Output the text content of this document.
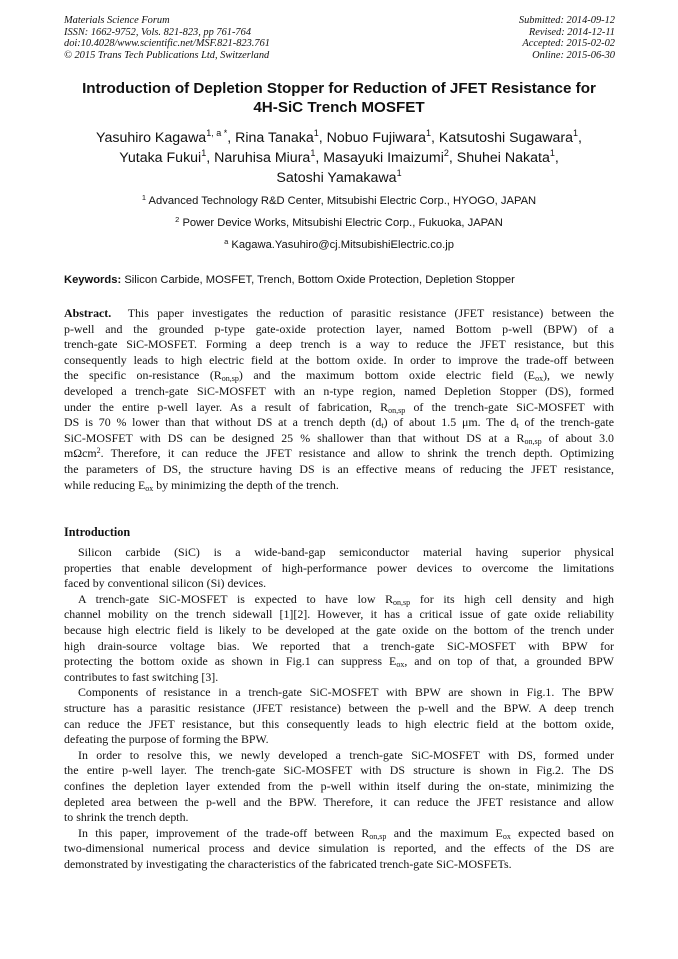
Materials Science Forum
ISSN: 1662-9752, Vols. 821-823, pp 761-764
doi:10.4028/www.scientific.net/MSF.821-823.761
© 2015 Trans Tech Publications Ltd, Switzerland
Submitted: 2014-09-12
Revised: 2014-12-11
Accepted: 2015-02-02
Online: 2015-06-30
Introduction of Depletion Stopper for Reduction of JFET Resistance for
4H-SiC Trench MOSFET
Yasuhiro Kagawa$^{1, a *}$, Rina Tanaka$^1$, Nobuo Fujiwara$^1$, Katsutoshi Sugawara$^1$,
Yutaka Fukui$^1$, Naruhisa Miura$^1$, Masayuki Imaizumi$^2$, Shuhei Nakata$^1$,
Satoshi Yamakawa$^1$
$^1$ Advanced Technology R&D Center, Mitsubishi Electric Corp., HYOGO, JAPAN
$^2$ Power Device Works, Mitsubishi Electric Corp., Fukuoka, JAPAN
$^a$ Kagawa.Yasuhiro@cj.MitsubishiElectric.co.jp
Keywords: Silicon Carbide, MOSFET, Trench, Bottom Oxide Protection, Depletion Stopper
Abstract. This paper investigates the reduction of parasitic resistance (JFET resistance) between the
p-well and the grounded p-type gate-oxide protection layer, named Bottom p-well (BPW) of a
trench-gate SiC-MOSFET. Forming a deep trench is a way to reduce the JFET resistance, but this
consequently leads to high electric field at the bottom oxide. In order to improve the trade-off between
the specific on-resistance $(R_{on,sp})$ and the maximum bottom oxide electric field $(E_{ox})$, we newly
developed a trench-gate SiC-MOSFET with an n-type region, named Depletion Stopper (DS), formed
under the entire p-well layer. As a result of fabrication, $R_{on,sp}$ of the trench-gate SiC-MOSFET with
DS is 70 % lower than that without DS at a trench depth $(d_t)$ of about 1.5 μm. The $d_t$ of the trench-gate
SiC-MOSFET with DS can be designed 25 % shallower than that without DS at a $R_{on,sp}$ of about 3.0
mΩcm$^2$. Therefore, it can reduce the JFET resistance and allow to shrink the trench depth. Optimizing
the parameters of DS, the structure having DS is an effective means of reducing the JFET resistance,
while reducing $E_{ox}$ by minimizing the depth of the trench.
Introduction
Silicon carbide (SiC) is a wide-band-gap semiconductor material having superior physical
properties that enable development of high-performance power devices to overcome the limitations
faced by conventional silicon (Si) devices.
A trench-gate SiC-MOSFET is expected to have low $R_{on,sp}$ for its high cell density and high
channel mobility on the trench sidewall [1][2]. However, it has a critical issue of gate oxide reliability
because high electric field is likely to be developed at the gate oxide on the bottom of the trench under
high drain-source voltage bias. We reported that a trench-gate SiC-MOSFET with BPW for
protecting the bottom oxide as shown in Fig.1 can suppress $E_{ox}$, and on top of that, a grounded BPW
contributes to fast switching [3].
Components of resistance in a trench-gate SiC-MOSFET with BPW are shown in Fig.1. The BPW
structure has a parasitic resistance (JFET resistance) between the p-well and the BPW. A deep trench
can reduce the JFET resistance, but this consequently leads to high electric field at the bottom oxide,
defeating the purpose of forming the BPW.
In order to resolve this, we newly developed a trench-gate SiC-MOSFET with DS, formed under
the entire p-well layer. The trench-gate SiC-MOSFET with DS structure is shown in Fig.2. The DS
confines the depletion layer extended from the p-well within itself during the on-state, minimizing the
depleted area between the p-well and the BPW. Therefore, it can reduce the JFET resistance and allow
to shrink the trench depth.
In this paper, improvement of the trade-off between $R_{on,sp}$ and the maximum $E_{ox}$ expected based on
two-dimensional numerical process and device simulation is reported, and the effects of the DS are
demonstrated by investigating the characteristics of the fabricated trench-gate SiC-MOSFETs.
